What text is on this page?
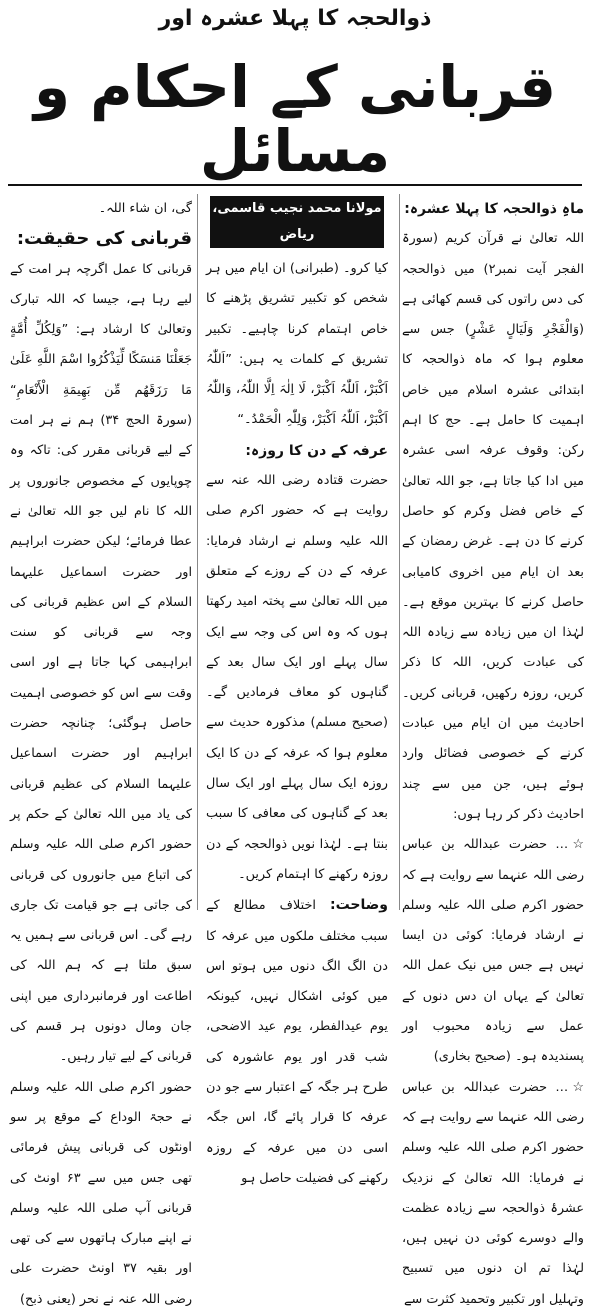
ذوالحجہ کا پہلا عشرہ اور
قربانی کے احکام و مسائل

ماہِ ذوالحجہ کا پہلا عشرہ:

اللہ تعالیٰ نے قرآن کریم (سورۃ الفجر آیت نمبر۲) میں ذوالحجہ کی دس راتوں کی قسم کھائی ہے (وَالْفَجْرِ وَلَيَالٍ عَشْرٍ) جس سے معلوم ہوا کہ ماہ ذوالحجہ کا ابتدائی عشرہ اسلام میں خاص اہمیت کا حامل ہے۔ حج کا اہم رکن: وقوف عرفہ اسی عشرہ میں ادا کیا جاتا ہے، جو اللہ تعالیٰ کے خاص فضل وکرم کو حاصل کرنے کا دن ہے۔ غرض رمضان کے بعد ان ایام میں اخروی کامیابی حاصل کرنے کا بہترین موقع ہے۔ لہٰذا ان میں زیادہ سے زیادہ اللہ کی عبادت کریں، اللہ کا ذکر کریں، روزہ رکھیں، قربانی کریں۔ احادیث میں ان ایام میں عبادت کرنے کے خصوصی فضائل وارد ہوئے ہیں، جن میں سے چند احادیث ذکر کر رہا ہوں:

☆… حضرت عبداللہ بن عباس رضی اللہ عنہما سے روایت ہے کہ حضور اکرم صلی اللہ علیہ وسلم نے ارشاد فرمایا: کوئی دن ایسا نہیں ہے جس میں نیک عمل اللہ تعالیٰ کے یہاں ان دس دنوں کے عمل سے زیادہ محبوب اور پسندیدہ ہو۔ (صحیح بخاری)

☆… حضرت عبداللہ بن عباس رضی اللہ عنہما سے روایت ہے کہ حضور اکرم صلی اللہ علیہ وسلم نے فرمایا: اللہ تعالیٰ کے نزدیک عشرۂ ذوالحجہ سے زیادہ عظمت والے دوسرے کوئی دن نہیں ہیں، لہٰذا تم ان دنوں میں تسبیح وتہلیل اور تکبیر وتحمید کثرت سے

مولانا محمد نجیب قاسمی، ریاض

کیا کرو۔ (طبرانی) ان ایام میں ہر شخص کو تکبیر تشریق پڑھنے کا خاص اہتمام کرنا چاہیے۔ تکبیر تشریق کے کلمات یہ ہیں: ”اَللّٰہُ اَکْبَرْ، اَللّٰہُ اَکْبَرْ، لَا اِلٰہَ اِلَّا اللّٰہُ، وَاللّٰہُ اَکْبَرْ، اَللّٰہُ اَکْبَرْ، وَلِلّٰہِ الْحَمْدُ۔“

عرفہ کے دن کا روزہ:

حضرت قتادہ رضی اللہ عنہ سے روایت ہے کہ حضور اکرم صلی اللہ علیہ وسلم نے ارشاد فرمایا: عرفہ کے دن کے روزے کے متعلق میں اللہ تعالیٰ سے پختہ امید رکھتا ہوں کہ وہ اس کی وجہ سے ایک سال پہلے اور ایک سال بعد کے گناہوں کو معاف فرمادیں گے۔ (صحیح مسلم) مذکورہ حدیث سے معلوم ہوا کہ عرفہ کے دن کا ایک روزہ ایک سال پہلے اور ایک سال بعد کے گناہوں کی معافی کا سبب بنتا ہے۔ لہٰذا نویں ذوالحجہ کے دن روزہ رکھنے کا اہتمام کریں۔

وضاحت: اختلاف مطالع کے سبب مختلف ملکوں میں عرفہ کا دن الگ الگ دنوں میں ہوتو اس میں کوئی اشکال نہیں، کیونکہ یوم عیدالفطر، یوم عید الاضحی، شب قدر اور یوم عاشورہ کی طرح ہر جگہ کے اعتبار سے جو دن عرفہ کا قرار پائے گا، اس جگہ اسی دن میں عرفہ کے روزہ رکھنے کی فضیلت حاصل ہو

گی، ان شاء اللہ۔

قربانی کی حقیقت:

قربانی کا عمل اگرچہ ہر امت کے لیے رہا ہے، جیسا کہ اللہ تبارک وتعالیٰ کا ارشاد ہے: ”وَلِكُلِّ أُمَّةٍ جَعَلْنَا مَنسَكًا لِّيَذْكُرُوا اسْمَ اللَّهِ عَلَىٰ مَا رَزَقَهُم مِّن بَهِيمَةِ الْأَنْعَامِ“ (سورۃ الحج ۳۴) ہم نے ہر امت کے لیے قربانی مقرر کی: تاکہ وہ چوپایوں کے مخصوص جانوروں پر اللہ کا نام لیں جو اللہ تعالیٰ نے عطا فرمائے؛ لیکن حضرت ابراہیم اور حضرت اسماعیل علیہما السلام کے اس عظیم قربانی کی وجہ سے قربانی کو سنت ابراہیمی کہا جاتا ہے اور اسی وقت سے اس کو خصوصی اہمیت حاصل ہوگئی؛ چنانچہ حضرت ابراہیم اور حضرت اسماعیل علیہما السلام کی عظیم قربانی کی یاد میں اللہ تعالیٰ کے حکم پر حضور اکرم صلی اللہ علیہ وسلم کی اتباع میں جانوروں کی قربانی کی جاتی ہے جو قیامت تک جاری رہے گی۔ اس قربانی سے ہمیں یہ سبق ملتا ہے کہ ہم اللہ کی اطاعت اور فرمانبرداری میں اپنی جان ومال دونوں ہر قسم کی قربانی کے لیے تیار رہیں۔

حضور اکرم صلی اللہ علیہ وسلم نے حجۃ الوداع کے موقع پر سو اونٹوں کی قربانی پیش فرمائی تھی جس میں سے ۶۳ اونٹ کی قربانی آپ صلی اللہ علیہ وسلم نے اپنے مبارک ہاتھوں سے کی تھی اور بقیہ ۳۷ اونٹ حضرت علی رضی اللہ عنہ نے نحر (یعنی ذبح)
